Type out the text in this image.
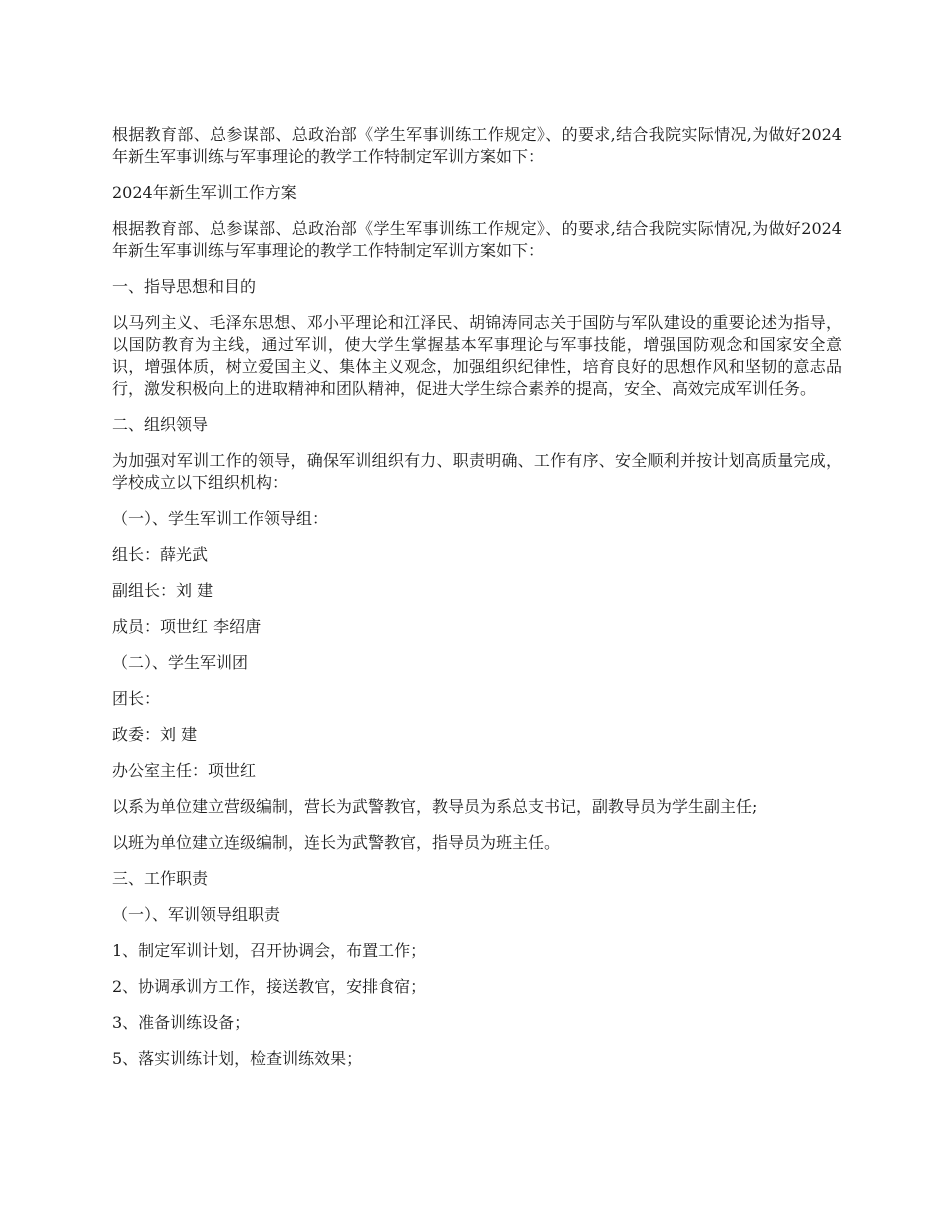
根据教育部、总参谋部、总政治部《学生军事训练工作规定》、的要求,结合我院实际情况,为做好2024年新生军事训练与军事理论的教学工作特制定军训方案如下：

2024年新生军训工作方案

根据教育部、总参谋部、总政治部《学生军事训练工作规定》、的要求,结合我院实际情况,为做好2024年新生军事训练与军事理论的教学工作特制定军训方案如下：

一、指导思想和目的

以马列主义、毛泽东思想、邓小平理论和江泽民、胡锦涛同志关于国防与军队建设的重要论述为指导，以国防教育为主线，通过军训，使大学生掌握基本军事理论与军事技能，增强国防观念和国家安全意识，增强体质，树立爱国主义、集体主义观念，加强组织纪律性，培育良好的思想作风和坚韧的意志品行，激发积极向上的进取精神和团队精神，促进大学生综合素养的提高，安全、高效完成军训任务。

二、组织领导

为加强对军训工作的领导，确保军训组织有力、职责明确、工作有序、安全顺利并按计划高质量完成，学校成立以下组织机构：

（一）、学生军训工作领导组：

组长：薛光武

副组长：刘 建

成员：项世红 李绍唐

（二）、学生军训团

团长：

政委：刘 建

办公室主任：项世红

以系为单位建立营级编制，营长为武警教官，教导员为系总支书记，副教导员为学生副主任;

以班为单位建立连级编制，连长为武警教官，指导员为班主任。

三、工作职责

（一）、军训领导组职责

1、制定军训计划，召开协调会，布置工作；

2、协调承训方工作，接送教官，安排食宿；

3、准备训练设备；

5、落实训练计划，检查训练效果；
